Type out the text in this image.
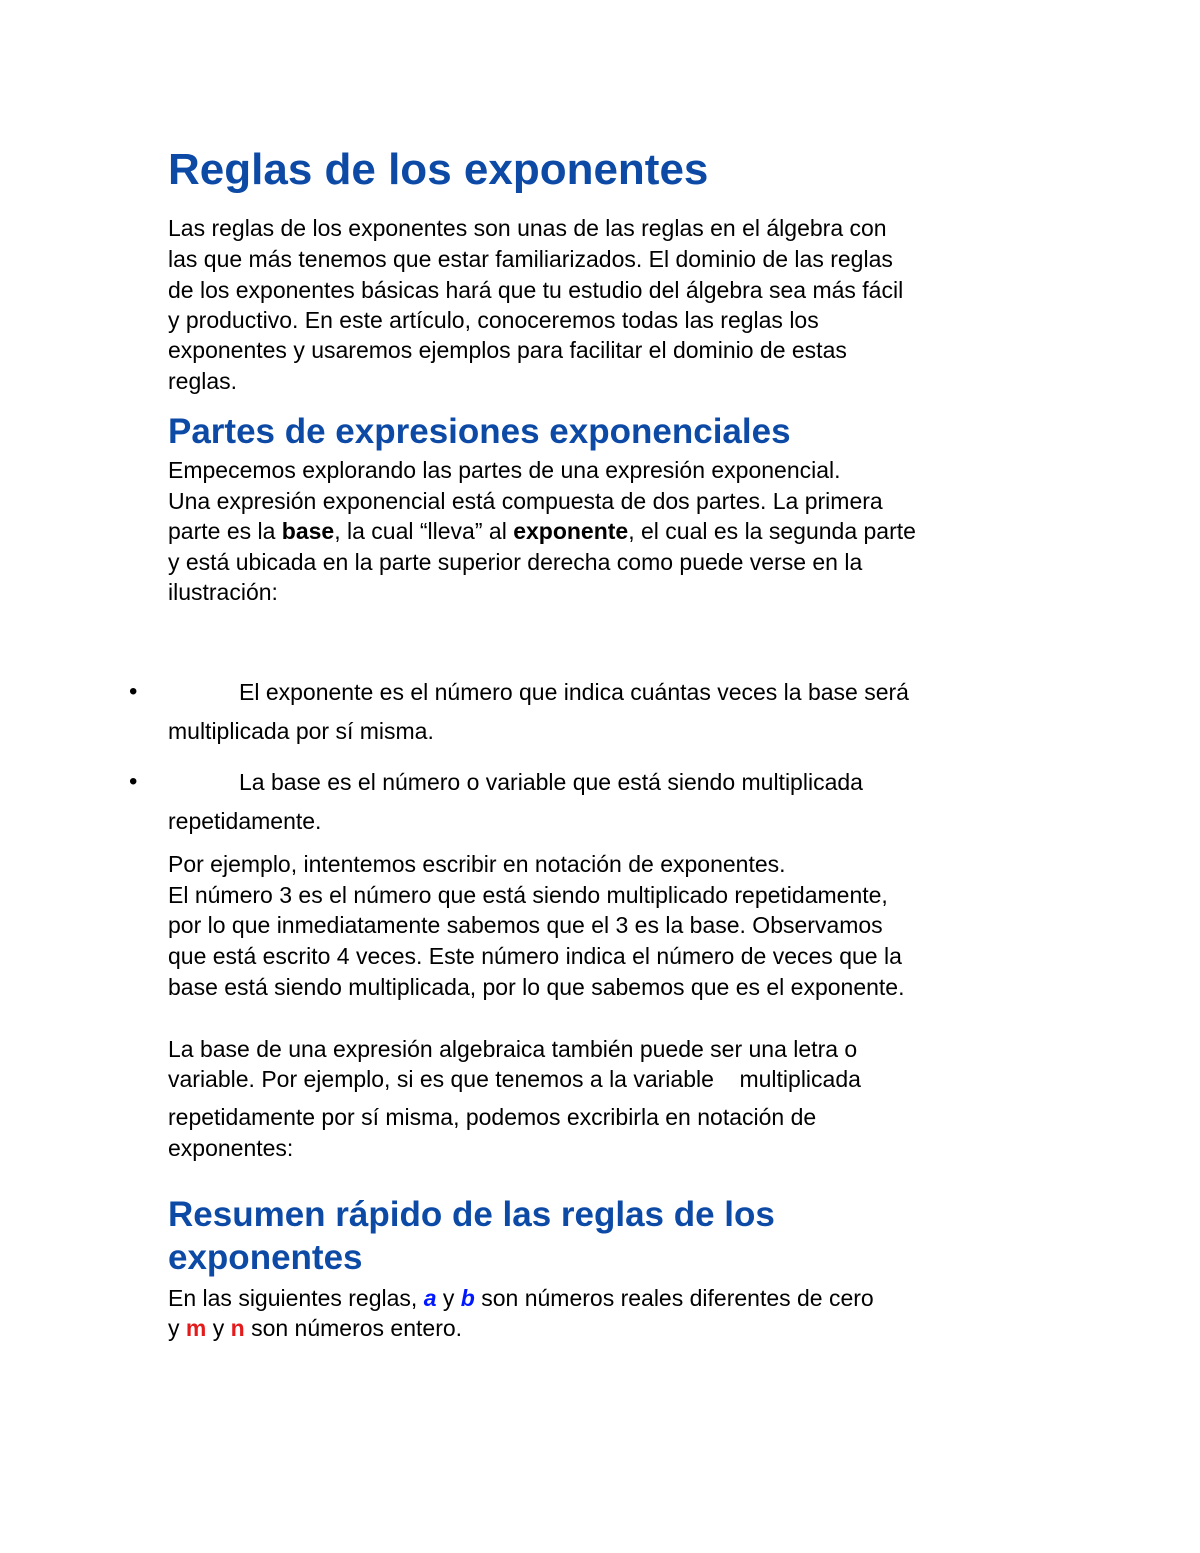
Reglas de los exponentes
Las reglas de los exponentes son unas de las reglas en el álgebra con
las que más tenemos que estar familiarizados. El dominio de las reglas
de los exponentes básicas hará que tu estudio del álgebra sea más fácil
y productivo. En este artículo, conoceremos todas las reglas los
exponentes y usaremos ejemplos para facilitar el dominio de estas
reglas.
Partes de expresiones exponenciales
Empecemos explorando las partes de una expresión exponencial.
Una expresión exponencial está compuesta de dos partes. La primera
parte es la base, la cual “lleva” al exponente, el cual es la segunda parte
y está ubicada en la parte superior derecha como puede verse en la
ilustración:
•	El exponente es el número que indica cuántas veces la base será
multiplicada por sí misma.
•	La base es el número o variable que está siendo multiplicada
repetidamente.
Por ejemplo, intentemos escribir en notación de exponentes.
El número 3 es el número que está siendo multiplicado repetidamente,
por lo que inmediatamente sabemos que el 3 es la base. Observamos
que está escrito 4 veces. Este número indica el número de veces que la
base está siendo multiplicada, por lo que sabemos que es el exponente.
La base de una expresión algebraica también puede ser una letra o
variable. Por ejemplo, si es que tenemos a la variable    multiplicada
repetidamente por sí misma, podemos excribirla en notación de
exponentes:
Resumen rápido de las reglas de los
exponentes
En las siguientes reglas, a y b son números reales diferentes de cero
y m y n son números entero.
